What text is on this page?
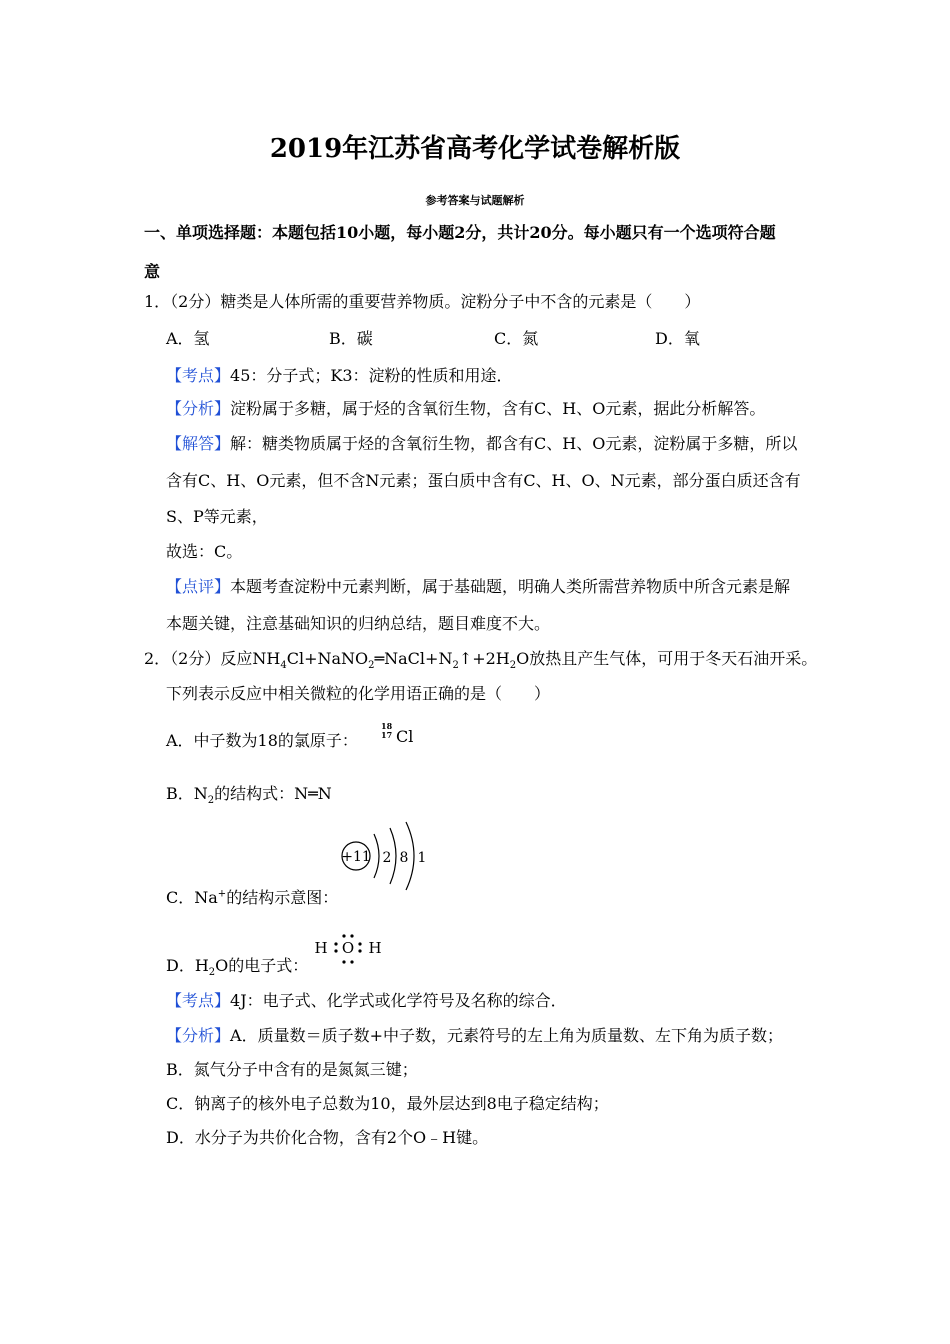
2019年江苏省高考化学试卷解析版
参考答案与试题解析
一、单项选择题：本题包括10小题，每小题2分，共计20分。每小题只有一个选项符合题
意
1．（2分）糖类是人体所需的重要营养物质。淀粉分子中不含的元素是（　　）
A．氢	B．碳	C．氮	D．氧
【考点】45：分子式；K3：淀粉的性质和用途．
【分析】淀粉属于多糖，属于烃的含氧衍生物，含有C、H、O元素，据此分析解答。
【解答】解：糖类物质属于烃的含氧衍生物，都含有C、H、O元素，淀粉属于多糖，所以
含有C、H、O元素，但不含N元素；蛋白质中含有C、H、O、N元素，部分蛋白质还含有
S、P等元素，
故选：C。
【点评】本题考查淀粉中元素判断，属于基础题，明确人类所需营养物质中所含元素是解
本题关键，注意基础知识的归纳总结，题目难度不大。
2．（2分）反应$NH_4Cl+NaNO_2═NaCl+N_2↑+2H_2O$放热且产生气体，可用于冬天石油开采。
下列表示反应中相关微粒的化学用语正确的是（　　）
A．中子数为18的氯原子：
18
17 Cl
B．$N_2$的结构式：N═N
+11 2 8 1
C．Na+的结构示意图：
D．$H_2O$的电子式：
H O H
【考点】4J：电子式、化学式或化学符号及名称的综合．
【分析】A．质量数＝质子数+中子数，元素符号的左上角为质量数、左下角为质子数；
B．氮气分子中含有的是氮氮三键；
C．钠离子的核外电子总数为10，最外层达到8电子稳定结构；
D．水分子为共价化合物，含有2个O﹣H键。
